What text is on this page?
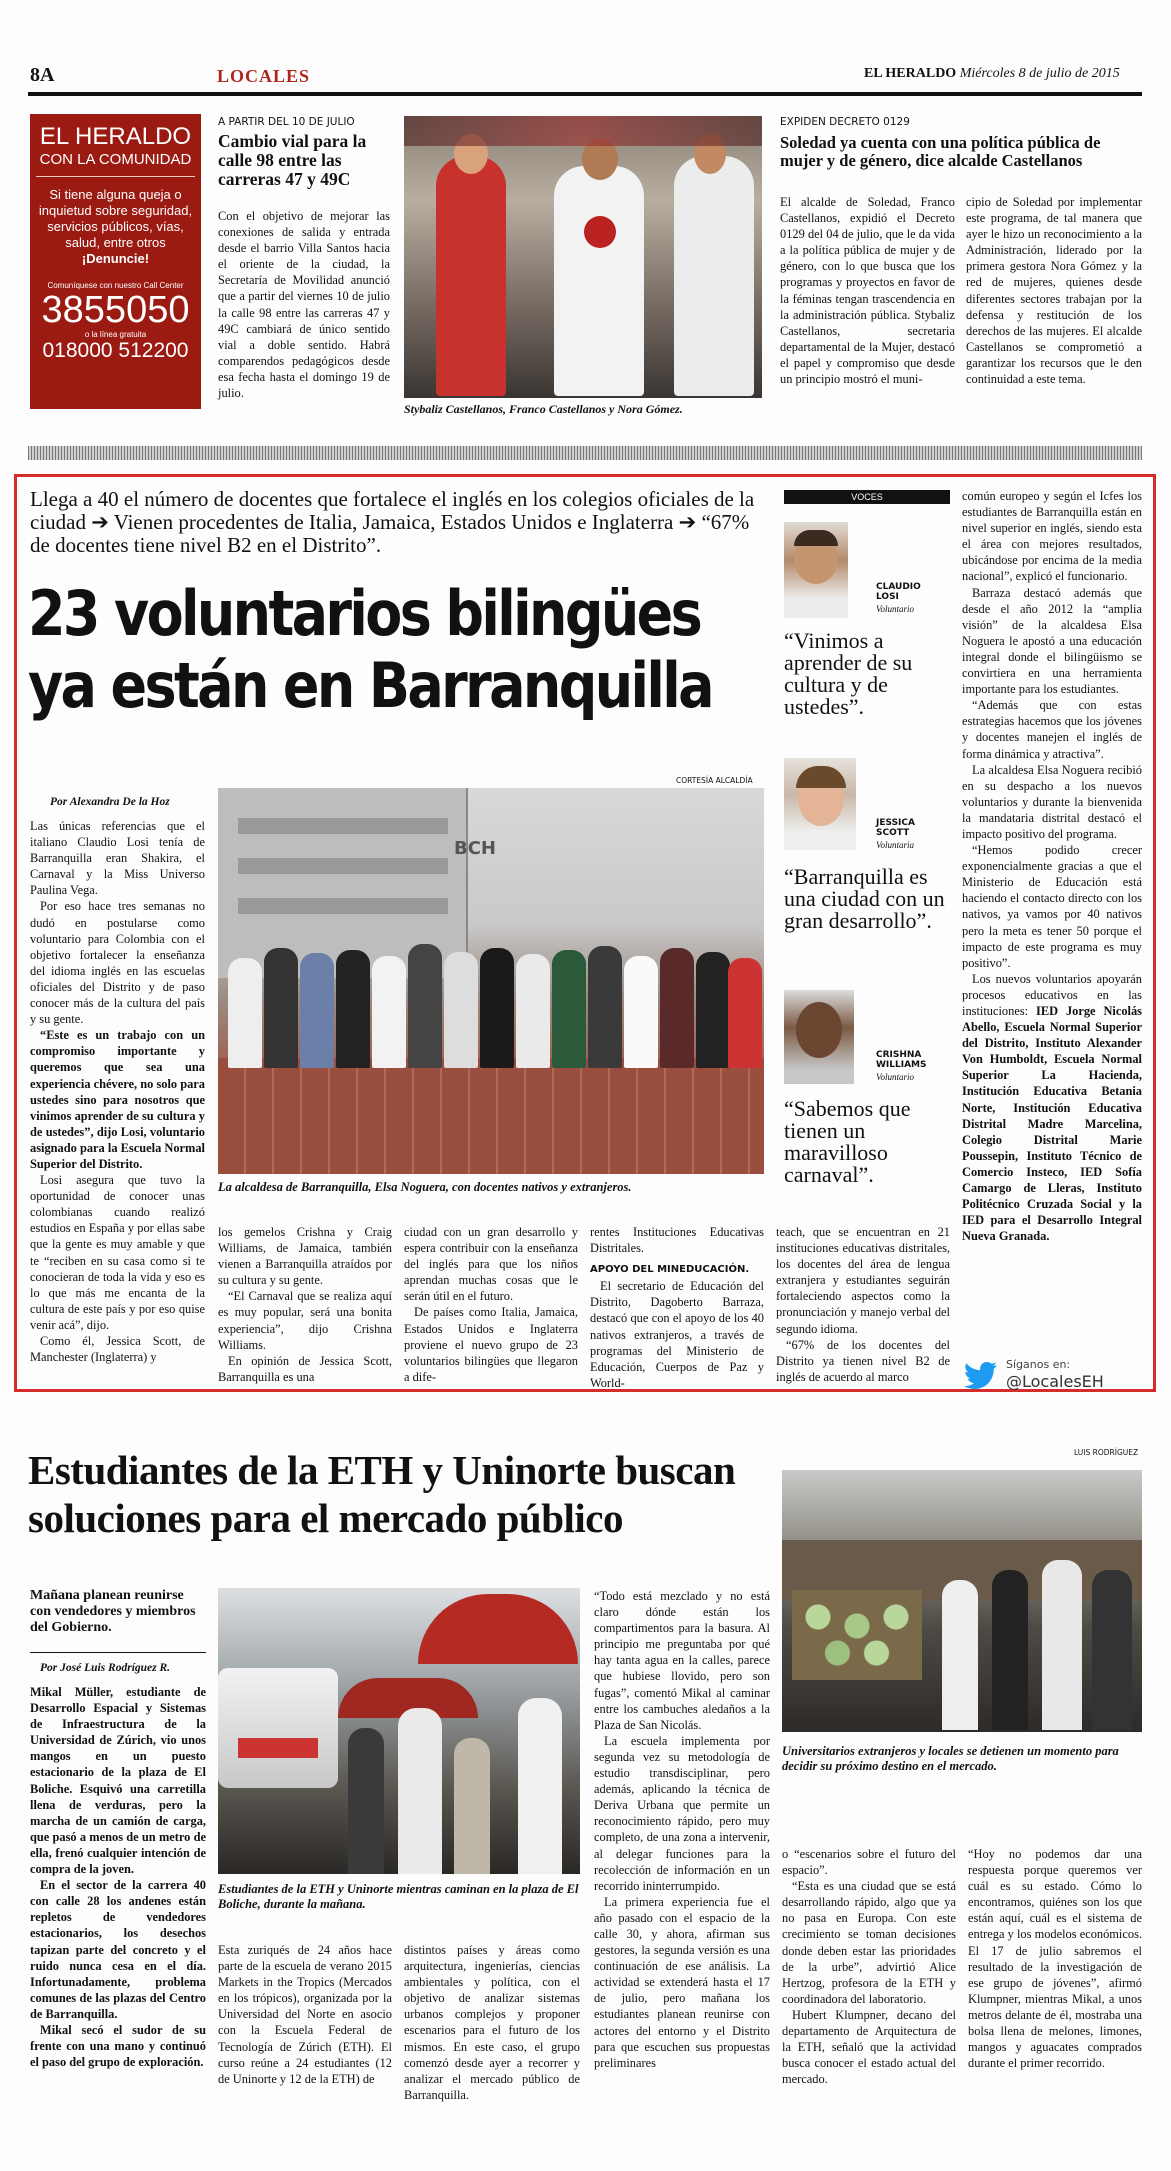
8A	LOCALES	EL HERALDO Miércoles 8 de julio de 2015
EL HERALDO
CON LA COMUNIDAD
Si tiene alguna queja o inquietud sobre seguridad, servicios públicos, vías, salud, entre otros ¡Denuncie!
Comuníquese con nuestro Call Center
3855050
o la línea gratuita
018000 512200
A PARTIR DEL 10 DE JULIO
Cambio vial para la calle 98 entre las carreras 47 y 49C
Con el objetivo de mejorar las conexiones de salida y entrada desde el barrio Villa Santos hacia el oriente de la ciudad, la Secretaría de Movilidad anunció que a partir del viernes 10 de julio la calle 98 entre las carreras 47 y 49C cambiará de único sentido vial a doble sentido. Habrá comparendos pedagógicos desde esa fecha hasta el domingo 19 de julio.
Stybaliz Castellanos, Franco Castellanos y Nora Gómez.
EXPIDEN DECRETO 0129
Soledad ya cuenta con una política pública de mujer y de género, dice alcalde Castellanos
El alcalde de Soledad, Franco Castellanos, expidió el Decreto 0129 del 04 de julio, que le da vida a la política pública de mujer y de género, con lo que busca que los programas y proyectos en favor de la féminas tengan trascendencia en la administración pública. Stybaliz Castellanos, secretaria departamental de la Mujer, destacó el papel y compromiso que desde un principio mostró el muni-
cipio de Soledad por implementar este programa, de tal manera que ayer le hizo un reconocimiento a la Administración, liderado por la primera gestora Nora Gómez y la red de mujeres, quienes desde diferentes sectores trabajan por la defensa y restitución de los derechos de las mujeres. El alcalde Castellanos se comprometió a garantizar los recursos que le den continuidad a este tema.
Llega a 40 el número de docentes que fortalece el inglés en los colegios oficiales de la ciudad ➔ Vienen procedentes de Italia, Jamaica, Estados Unidos e Inglaterra ➔ “67% de docentes tiene nivel B2 en el Distrito”.
23 voluntarios bilingües
ya están en Barranquilla
Por Alexandra De la Hoz
CORTESÍA ALCALDÍA
BCH
La alcaldesa de Barranquilla, Elsa Noguera, con docentes nativos y extranjeros.

Las únicas referencias que el italiano Claudio Losi tenía de Barranquilla eran Shakira, el Carnaval y la Miss Universo Paulina Vega.

Por eso hace tres semanas no dudó en postularse como voluntario para Colombia con el objetivo fortalecer la enseñanza del idioma inglés en las escuelas oficiales del Distrito y de paso conocer más de la cultura del país y su gente.

“Este es un trabajo con un compromiso importante y queremos que sea una experiencia chévere, no solo para ustedes sino para nosotros que vinimos aprender de su cultura y de ustedes”, dijo Losi, voluntario asignado para la Escuela Normal Superior del Distrito.

Losi asegura que tuvo la oportunidad de conocer unas colombianas cuando realizó estudios en España y por ellas sabe que la gente es muy amable y que te “reciben en su casa como si te conocieran de toda la vida y eso es lo que más me encanta de la cultura de este país y por eso quise venir acá”, dijo.

Como él, Jessica Scott, de Manchester (Inglaterra) y

los gemelos Crishna y Craig Williams, de Jamaica, también vienen a Barranquilla atraídos por su cultura y su gente.

“El Carnaval que se realiza aquí es muy popular, será una bonita experiencia”, dijo Crishna Williams.

En opinión de Jessica Scott, Barranquilla es una

ciudad con un gran desarrollo y espera contribuir con la enseñanza del inglés para que los niños aprendan muchas cosas que le serán útil en el futuro.

De países como Italia, Jamaica, Estados Unidos e Inglaterra proviene el nuevo grupo de 23 voluntarios bilingües que llegaron a dife-

rentes Instituciones Educativas Distritales.

APOYO DEL MINEDUCACIÓN.

El secretario de Educación del Distrito, Dagoberto Barraza, destacó que con el apoyo de los 40 nativos extranjeros, a través de programas del Ministerio de Educación, Cuerpos de Paz y World-

teach, que se encuentran en 21 instituciones educativas distritales, los docentes del área de lengua extranjera y estudiantes seguirán fortaleciendo aspectos como la pronunciación y manejo verbal del segundo idioma.

“67% de los docentes del Distrito ya tienen nivel B2 de inglés de acuerdo al marco

VOCES
CLAUDIO
LOSI
Voluntario
“Vinimos a aprender de su cultura y de ustedes”.
JESSICA
SCOTT
Voluntaria
“Barranquilla es una ciudad con un gran desarrollo”.
CRISHNA
WILLIAMS
Voluntario
“Sabemos que tienen un maravilloso carnaval”.

común europeo y según el Icfes los estudiantes de Barranquilla están en nivel superior en inglés, siendo esta el área con mejores resultados, ubicándose por encima de la media nacional”, explicó el funcionario.

Barraza destacó además que desde el año 2012 la “amplia visión” de la alcaldesa Elsa Noguera le apostó a una educación integral donde el bilingüismo se convirtiera en una herramienta importante para los estudiantes.

“Además que con estas estrategias hacemos que los jóvenes y docentes manejen el inglés de forma dinámica y atractiva”.

La alcaldesa Elsa Noguera recibió en su despacho a los nuevos voluntarios y durante la bienvenida la mandataria distrital destacó el impacto positivo del programa.

“Hemos podido crecer exponencialmente gracias a que el Ministerio de Educación está haciendo el contacto directo con los nativos, ya vamos por 40 nativos pero la meta es tener 50 porque el impacto de este programa es muy positivo”.

Los nuevos voluntarios apoyarán procesos educativos en las instituciones: IED Jorge Nicolás Abello, Escuela Normal Superior del Distrito, Instituto Alexander Von Humboldt, Escuela Normal Superior La Hacienda, Institución Educativa Betania Norte, Institución Educativa Distrital Madre Marcelina, Colegio Distrital Marie Poussepin, Instituto Técnico de Comercio Insteco, IED Sofía Camargo de Lleras, Instituto Politécnico Cruzada Social y la IED para el Desarrollo Integral Nueva Granada.

Síganos en:
@LocalesEH
Estudiantes de la ETH y Uninorte buscan
soluciones para el mercado público
LUIS RODRÍGUEZ
Universitarios extranjeros y locales se detienen un momento para decidir su próximo destino en el mercado.
Mañana planean reunirse con vendedores y miembros del Gobierno.
Por José Luis Rodríguez R.

Mikal Müller, estudiante de Desarrollo Espacial y Sistemas de Infraestructura de la Universidad de Zúrich, vio unos mangos en un puesto estacionario de la plaza de El Boliche. Esquivó una carretilla llena de verduras, pero la marcha de un camión de carga, que pasó a menos de un metro de ella, frenó cualquier intención de compra de la joven.

En el sector de la carrera 40 con calle 28 los andenes están repletos de vendedores estacionarios, los desechos tapizan parte del concreto y el ruido nunca cesa en el día. Infortunadamente, problema comunes de las plazas del Centro de Barranquilla.

Mikal secó el sudor de su frente con una mano y continuó el paso del grupo de exploración.

Estudiantes de la ETH y Uninorte mientras caminan en la plaza de El Boliche, durante la mañana.
Esta zuriqués de 24 años hace parte de la escuela de verano 2015 Markets in the Tropics (Mercados en los trópicos), organizada por la Universidad del Norte en asocio con la Escuela Federal de Tecnología de Zúrich (ETH). El curso reúne a 24 estudiantes (12 de Uninorte y 12 de la ETH) de
distintos países y áreas como arquitectura, ingenierías, ciencias ambientales y política, con el objetivo de analizar sistemas urbanos complejos y proponer escenarios para el futuro de los mismos. En este caso, el grupo comenzó desde ayer a recorrer y analizar el mercado público de Barranquilla.

“Todo está mezclado y no está claro dónde están los compartimentos para la basura. Al principio me preguntaba por qué hay tanta agua en la calles, parece que hubiese llovido, pero son fugas”, comentó Mikal al caminar entre los cambuches aledaños a la Plaza de San Nicolás.

La escuela implementa por segunda vez su metodología de estudio transdisciplinar, pero además, aplicando la técnica de Deriva Urbana que permite un reconocimiento rápido, pero muy completo, de una zona a intervenir, al delegar funciones para la recolección de información en un recorrido ininterrumpido.

La primera experiencia fue el año pasado con el espacio de la calle 30, y ahora, afirman sus gestores, la segunda versión es una continuación de ese análisis. La actividad se extenderá hasta el 17 de julio, pero mañana los estudiantes planean reunirse con actores del entorno y el Distrito para que escuchen sus propuestas preliminares

o “escenarios sobre el futuro del espacio”.

“Esta es una ciudad que se está desarrollando rápido, algo que ya no pasa en Europa. Con este crecimiento se toman decisiones donde deben estar las prioridades de la urbe”, advirtió Alice Hertzog, profesora de la ETH y coordinadora del laboratorio.

Hubert Klumpner, decano del departamento de Arquitectura de la ETH, señaló que la actividad busca conocer el estado actual del mercado.

“Hoy no podemos dar una respuesta porque queremos ver cuál es su estado. Cómo lo encontramos, quiénes son los que están aquí, cuál es el sistema de entrega y los modelos económicos. El 17 de julio sabremos el resultado de la investigación de ese grupo de jóvenes”, afirmó Klumpner, mientras Mikal, a unos metros delante de él, mostraba una bolsa llena de melones, limones, mangos y aguacates comprados durante el primer recorrido.
